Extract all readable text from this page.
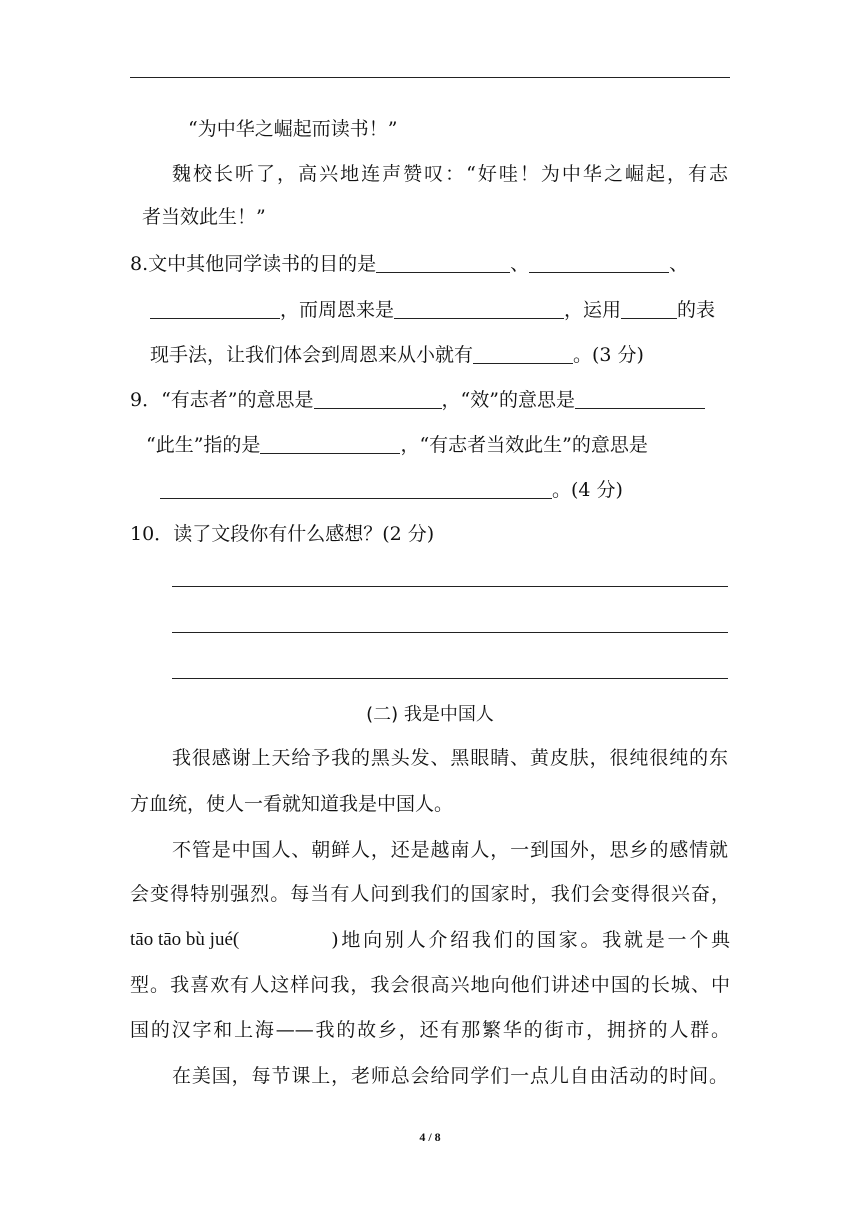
“为中华之崛起而读书！”
魏校长听了，高兴地连声赞叹：“好哇！为中华之崛起，有志
者当效此生！”
8.文中其他同学读书的目的是	、	、
，而周恩来是	，运用	的表
现手法，让我们体会到周恩来从小就有	。(3 分)
9．“有志者”的意思是	，“效”的意思是
“此生”指的是	，“有志者当效此生”的意思是
。(4 分)
10．读了文段你有什么感想？(2 分)
(二) 我是中国人
我很感谢上天给予我的黑头发、黑眼睛、黄皮肤，很纯很纯的东
方血统，使人一看就知道我是中国人。
不管是中国人、朝鲜人，还是越南人，一到国外，思乡的感情就
会变得特别强烈。每当有人问到我们的国家时，我们会变得很兴奋，
tāo tāo bù jué(	)地向别人介绍我们的国家。我就是一个典
型。我喜欢有人这样问我，我会很高兴地向他们讲述中国的长城、中
国的汉字和上海——我的故乡，还有那繁华的街市，拥挤的人群。
在美国，每节课上，老师总会给同学们一点儿自由活动的时间。
4 / 8
